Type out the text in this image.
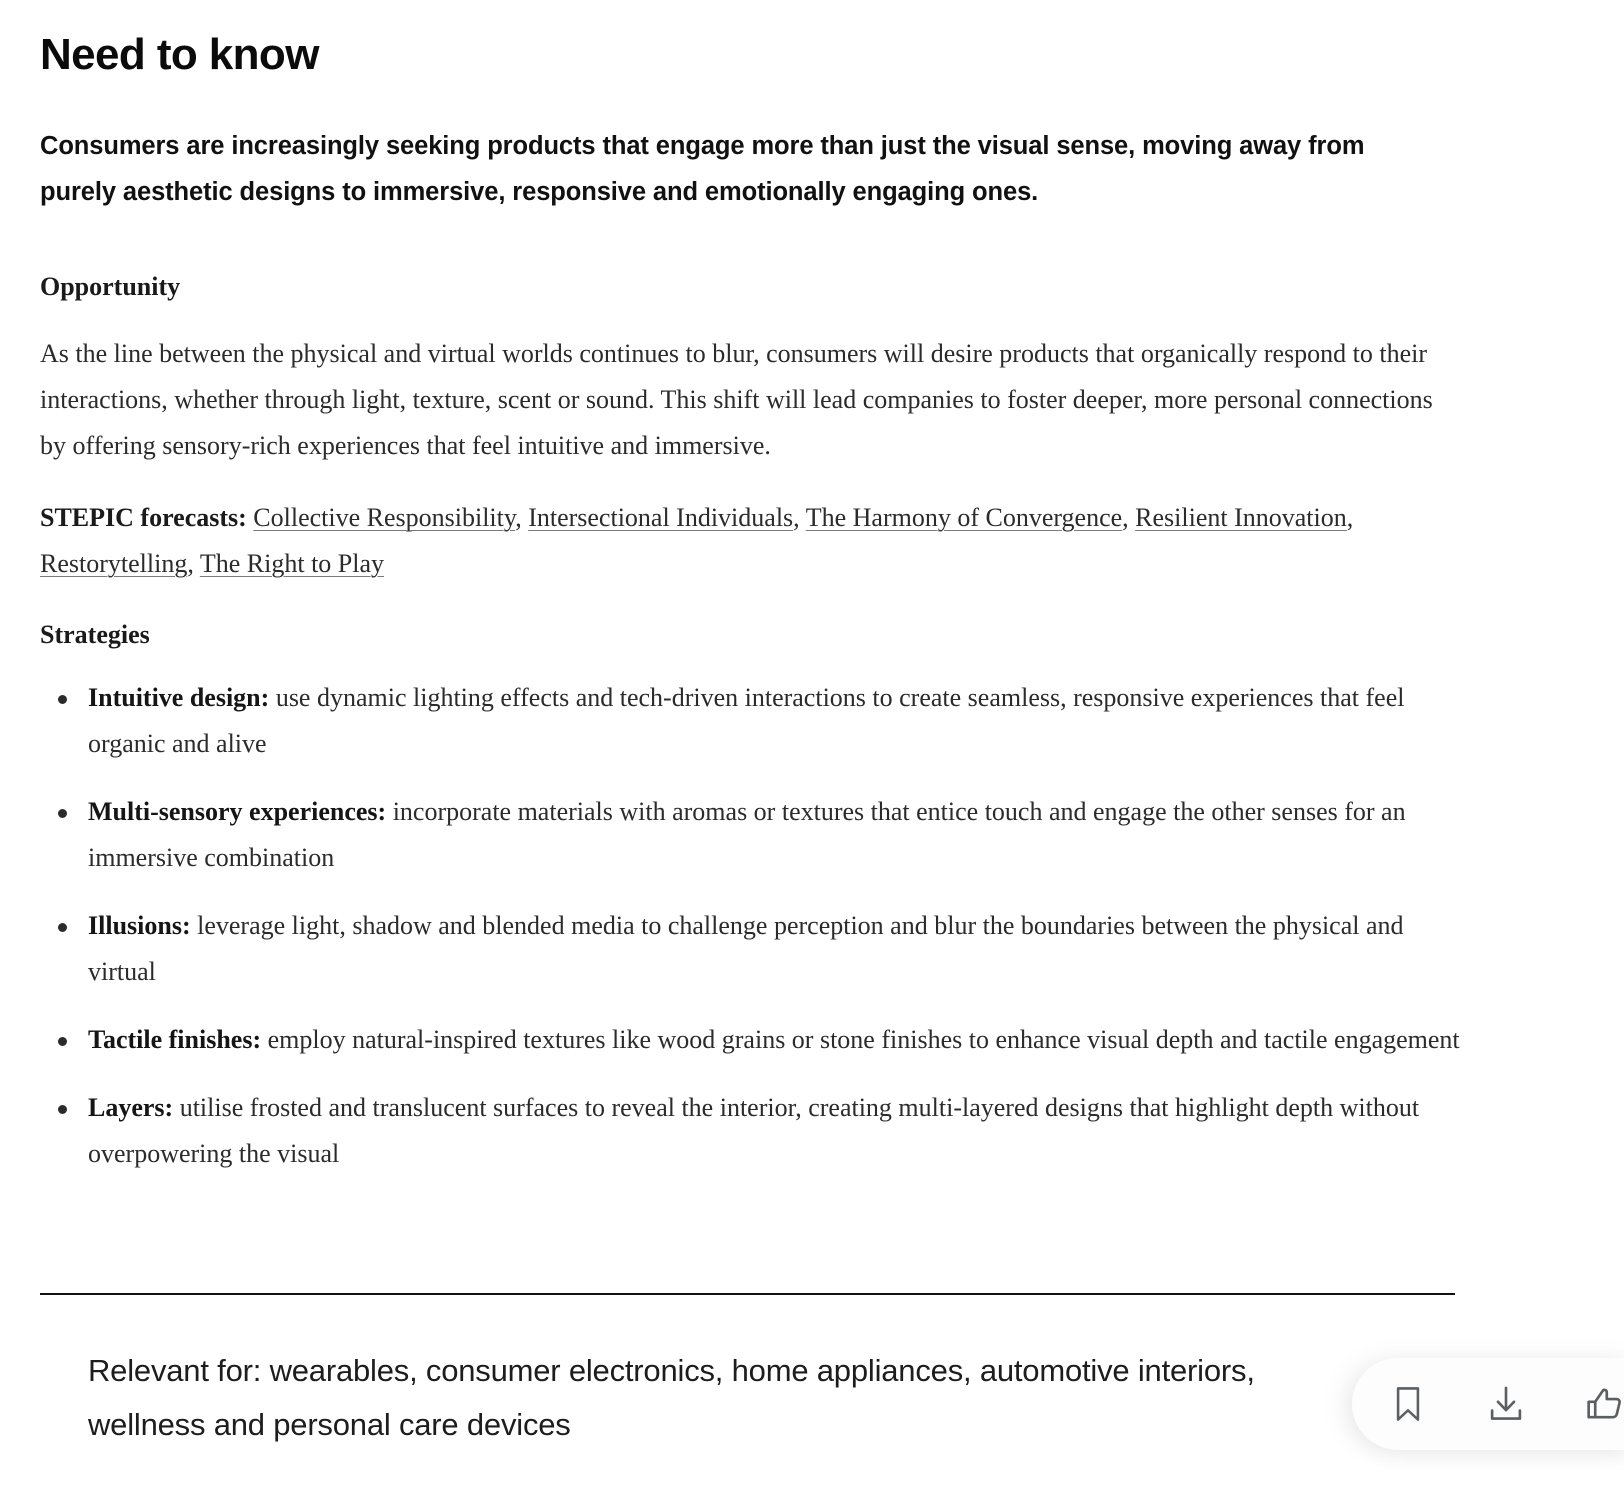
Need to know

Consumers are increasingly seeking products that engage more than just the visual sense, moving away from purely aesthetic designs to immersive, responsive and emotionally engaging ones.

Opportunity

As the line between the physical and virtual worlds continues to blur, consumers will desire products that organically respond to their interactions, whether through light, texture, scent or sound. This shift will lead companies to foster deeper, more personal connections by offering sensory-rich experiences that feel intuitive and immersive.

STEPIC forecasts: Collective Responsibility, Intersectional Individuals, The Harmony of Convergence, Resilient Innovation, Restorytelling, The Right to Play

Strategies
Intuitive design: use dynamic lighting effects and tech-driven interactions to create seamless, responsive experiences that feel organic and alive
Multi-sensory experiences: incorporate materials with aromas or textures that entice touch and engage the other senses for an immersive combination
Illusions: leverage light, shadow and blended media to challenge perception and blur the boundaries between the physical and virtual
Tactile finishes: employ natural-inspired textures like wood grains or stone finishes to enhance visual depth and tactile engagement
Layers: utilise frosted and translucent surfaces to reveal the interior, creating multi-layered designs that highlight depth without overpowering the visual

Relevant for: wearables, consumer electronics, home appliances, automotive interiors, wellness and personal care devices
